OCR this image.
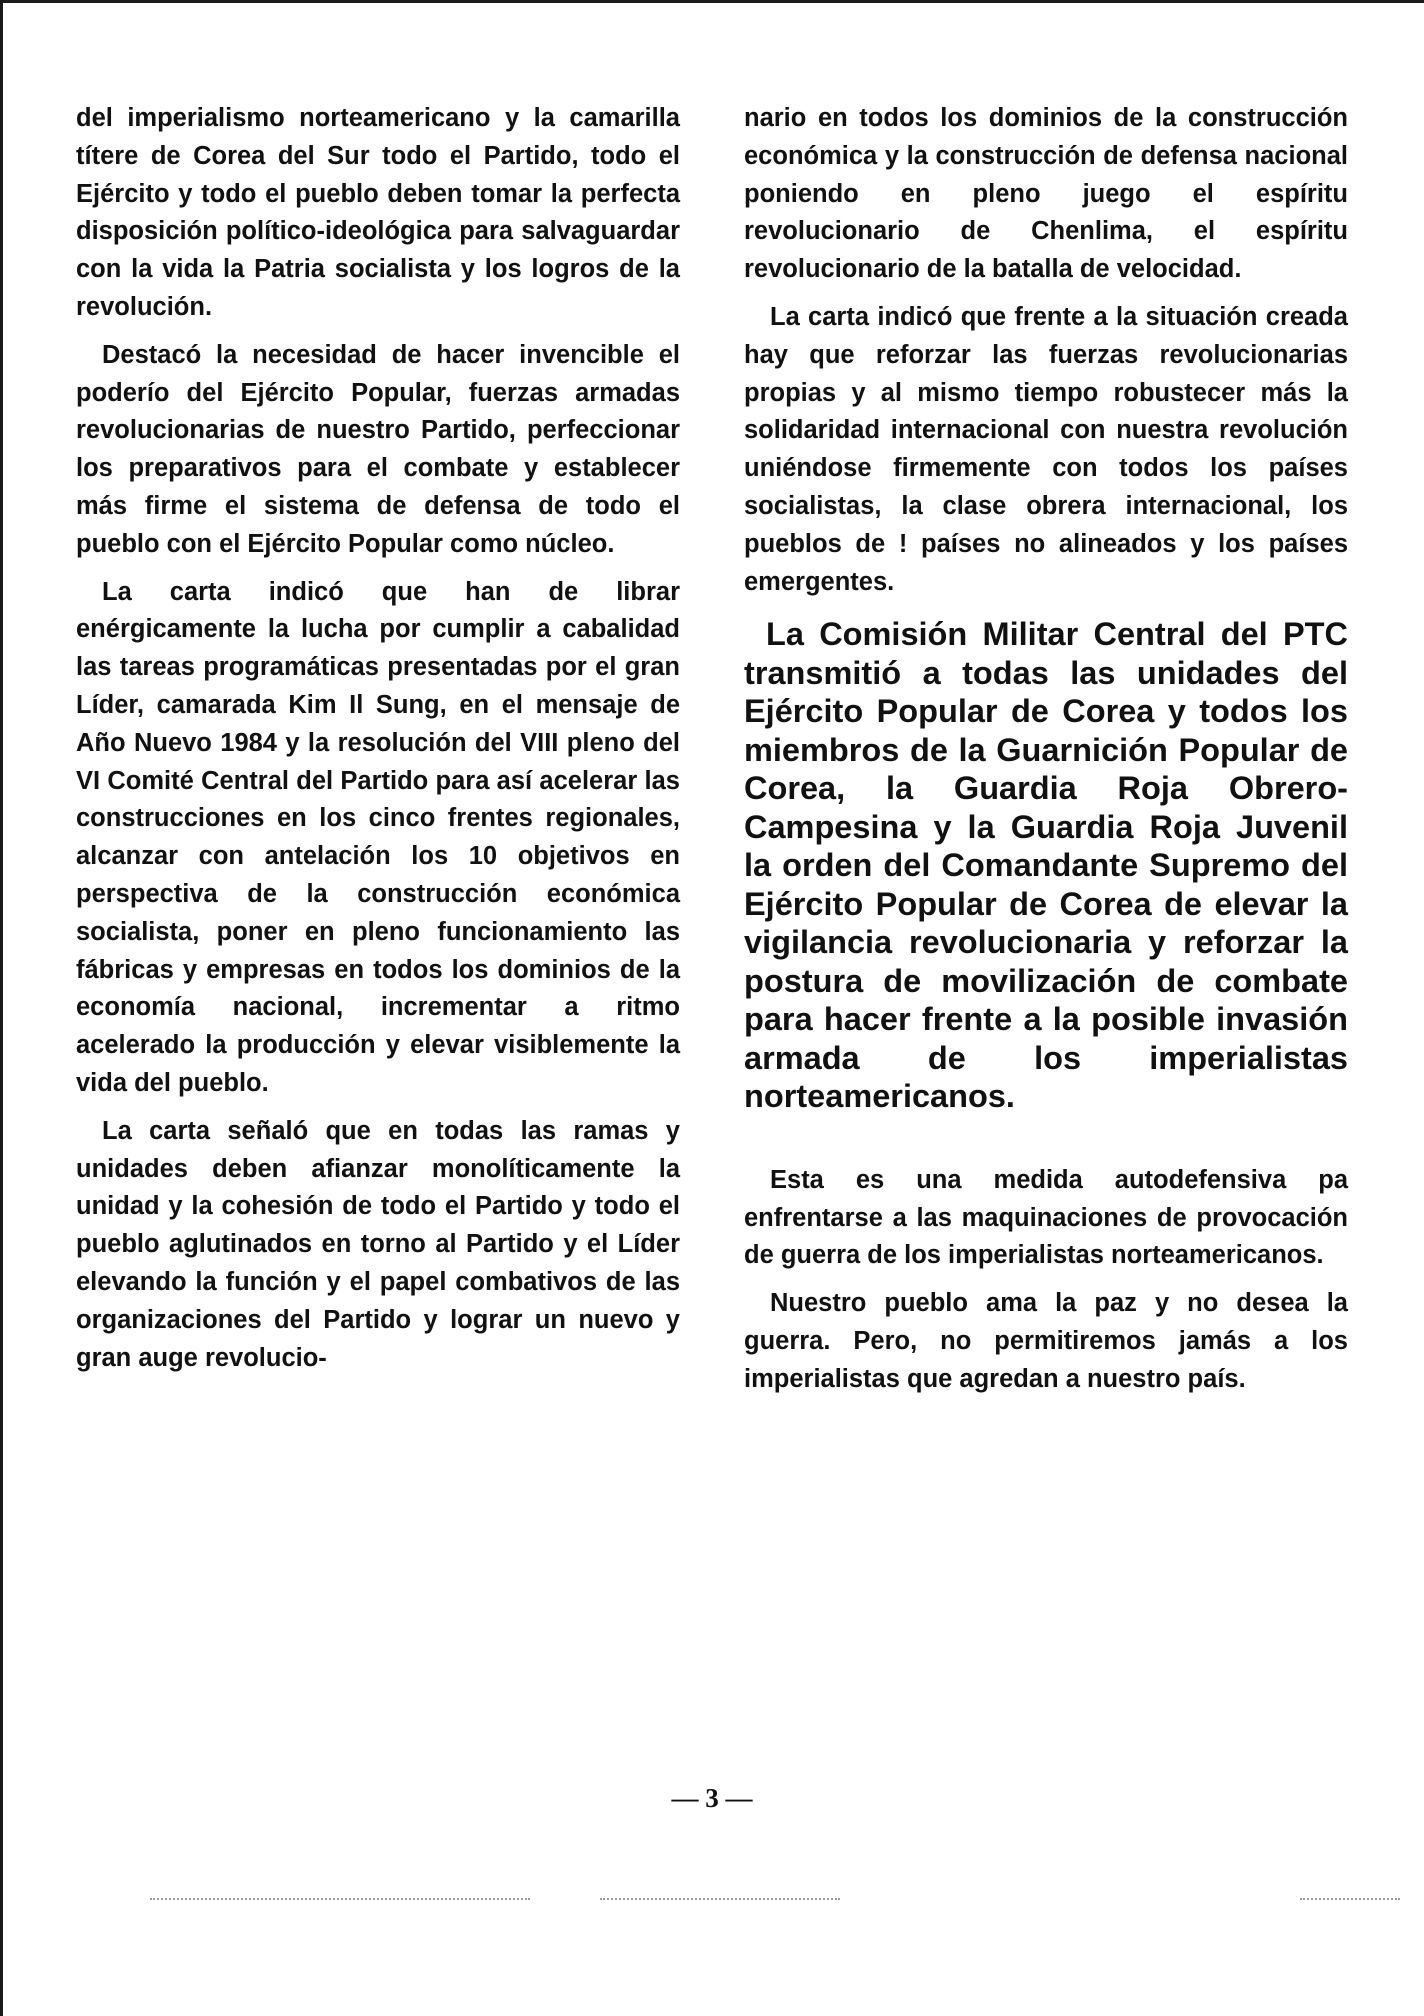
del imperialismo norteamericano y la camarilla títere de Corea del Sur todo el Partido, todo el Ejército y todo el pueblo deben tomar la perfecta disposición político-ideológica para salvaguardar con la vida la Patria socialista y los logros de la revolución.

Destacó la necesidad de hacer invencible el poderío del Ejército Popular, fuerzas armadas revolucionarias de nuestro Partido, perfeccionar los preparativos para el combate y establecer más firme el sistema de defensa de todo el pueblo con el Ejército Popular como núcleo.

La carta indicó que han de librar enérgicamente la lucha por cumplir a cabalidad las tareas programáticas presentadas por el gran Líder, camarada Kim Il Sung, en el mensaje de Año Nuevo 1984 y la resolución del VIII pleno del VI Comité Central del Partido para así acelerar las construcciones en los cinco frentes regionales, alcanzar con antelación los 10 objetivos en perspectiva de la construcción económica socialista, poner en pleno funcionamiento las fábricas y empresas en todos los dominios de la economía nacional, incrementar a ritmo acelerado la producción y elevar visiblemente la vida del pueblo.

La carta señaló que en todas las ramas y unidades deben afianzar monolíticamente la unidad y la cohesión de todo el Partido y todo el pueblo aglutinados en torno al Partido y el Líder elevando la función y el papel combativos de las organizaciones del Partido y lograr un nuevo y gran auge revolucio-

nario en todos los dominios de la construcción económica y la construcción de defensa nacional poniendo en pleno juego el espíritu revolucionario de Chenlima, el espíritu revolucionario de la batalla de velocidad.

La carta indicó que frente a la situación creada hay que reforzar las fuerzas revolucionarias propias y al mismo tiempo robustecer más la solidaridad internacional con nuestra revolución uniéndose firmemente con todos los países socialistas, la clase obrera internacional, los pueblos de ! países no alineados y los países emergentes.

La Comisión Militar Central del PTC transmitió a todas las unidades del Ejército Popular de Corea y todos los miembros de la Guarnición Popular de Corea, la Guardia Roja Obrero-Campesina y la Guardia Roja Juvenil la orden del Comandante Supremo del Ejército Popular de Corea de elevar la vigilancia revolucionaria y reforzar la postura de movilización de combate para hacer frente a la posible invasión armada de los imperialistas norteamericanos.

Esta es una medida autodefensiva pa enfrentarse a las maquinaciones de provocación de guerra de los imperialistas norteamericanos.

Nuestro pueblo ama la paz y no desea la guerra. Pero, no permitiremos jamás a los imperialistas que agredan a nuestro país.

— 3 —
